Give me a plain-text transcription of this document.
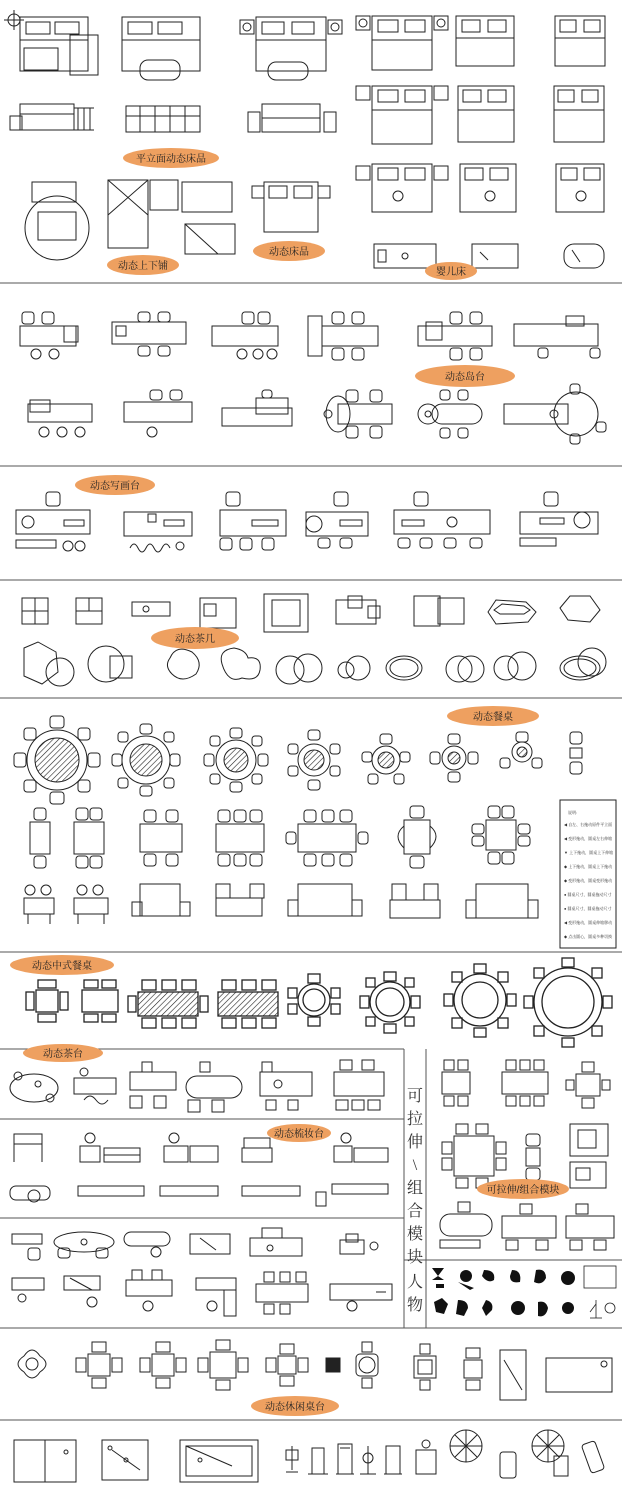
说明:
◀ 自左、右拖动原件平立面
◀ 变形拖动，圆桌左右伸缩
▼ 上下拖动，圆桌上下伸缩
◆ 上下拖动，圆桌上下拖动
◆ 变形拖动，圆桌变形拖动
● 圆桌尺寸，圆桌拖动尺寸
● 圆桌尺寸，圆桌拖动尺寸
◀ 变形拖动，圆桌伸缩移动
◆ 点击圆心，圆桌多种切换
可
拉
伸
\
组
合
模
块
人
物
平立面动态床品
动态上下铺
动态床品
婴儿床
动态岛台
动态写画台
动态茶几
动态餐桌
动态中式餐桌
动态茶台
动态梳妆台
可拉伸/组合模块
动态休闲桌台
